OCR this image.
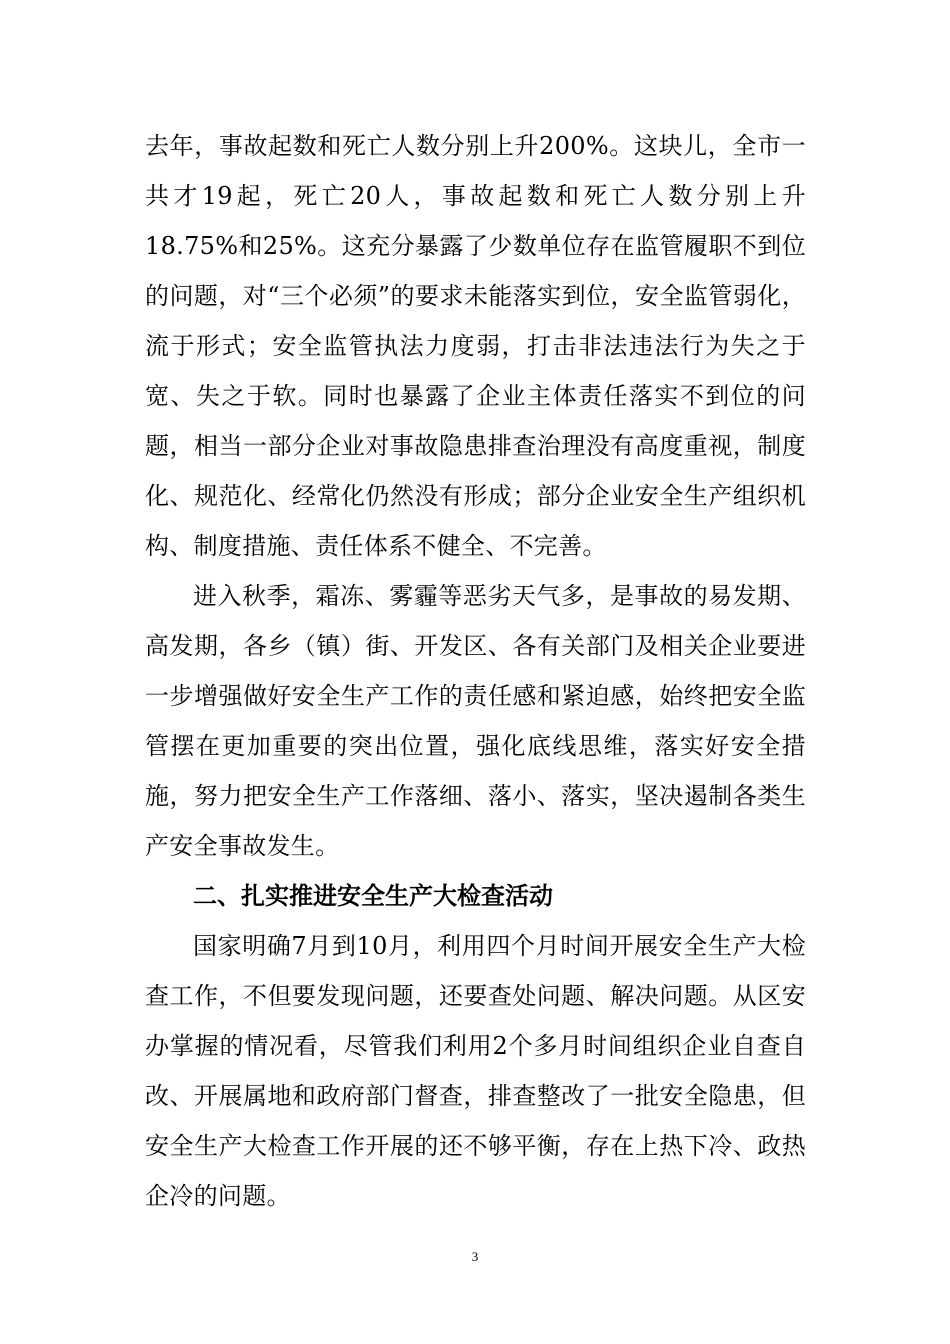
去年，事故起数和死亡人数分别上升200%。这块儿，全市一共才19起，死亡20人，事故起数和死亡人数分别上升18.75%和25%。这充分暴露了少数单位存在监管履职不到位的问题，对“三个必须”的要求未能落实到位，安全监管弱化，流于形式；安全监管执法力度弱，打击非法违法行为失之于宽、失之于软。同时也暴露了企业主体责任落实不到位的问题，相当一部分企业对事故隐患排查治理没有高度重视，制度化、规范化、经常化仍然没有形成；部分企业安全生产组织机构、制度措施、责任体系不健全、不完善。

进入秋季，霜冻、雾霾等恶劣天气多，是事故的易发期、高发期，各乡（镇）街、开发区、各有关部门及相关企业要进一步增强做好安全生产工作的责任感和紧迫感，始终把安全监管摆在更加重要的突出位置，强化底线思维，落实好安全措施，努力把安全生产工作落细、落小、落实，坚决遏制各类生产安全事故发生。

二、扎实推进安全生产大检查活动

国家明确7月到10月，利用四个月时间开展安全生产大检查工作，不但要发现问题，还要查处问题、解决问题。从区安办掌握的情况看，尽管我们利用2个多月时间组织企业自查自改、开展属地和政府部门督查，排查整改了一批安全隐患，但安全生产大检查工作开展的还不够平衡，存在上热下冷、政热企冷的问题。

3
